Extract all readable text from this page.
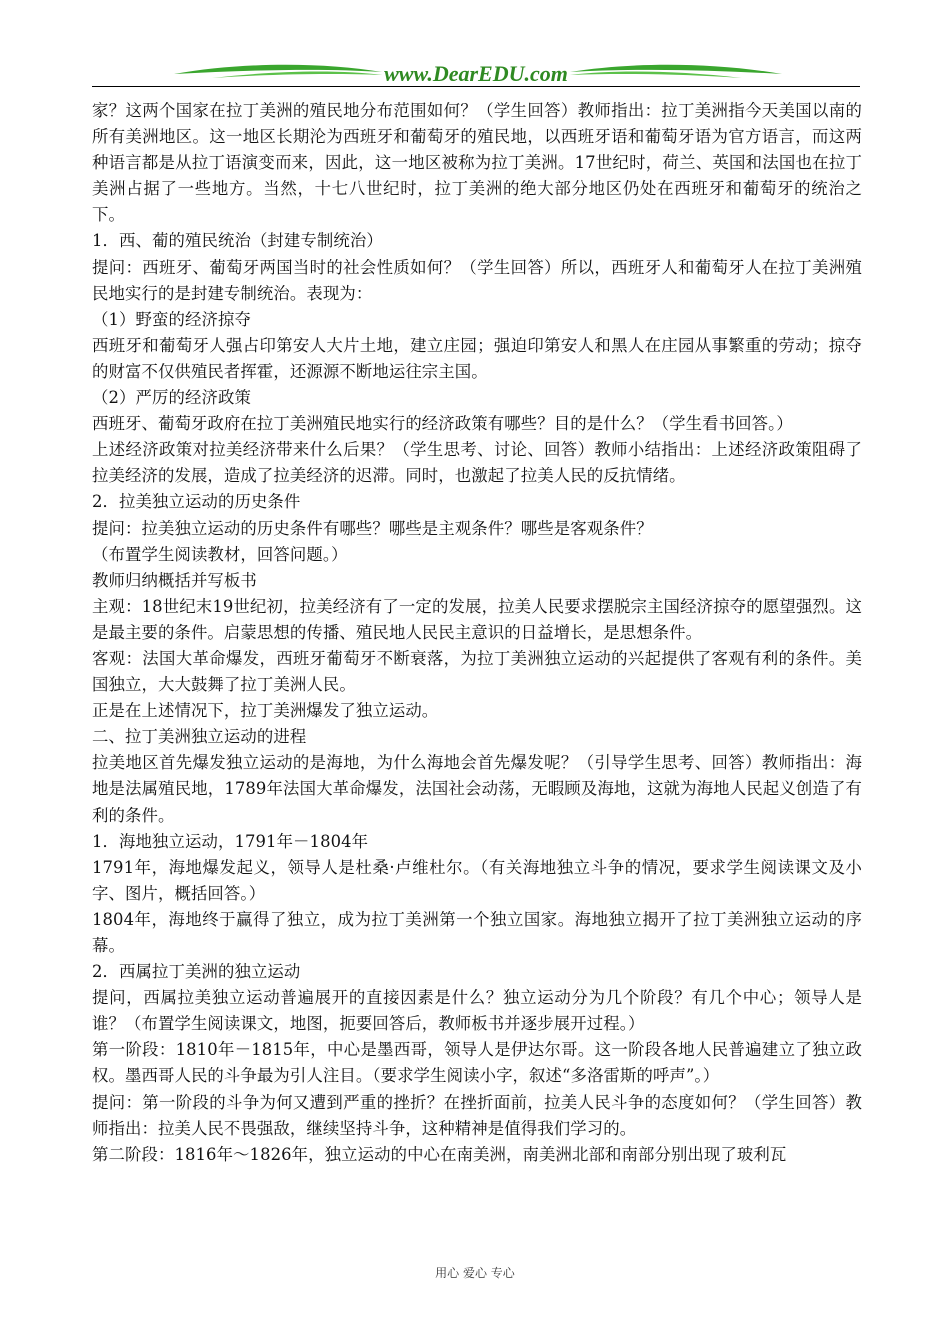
www.DearEDU.com

家？这两个国家在拉丁美洲的殖民地分布范围如何？（学生回答）教师指出：拉丁美洲指今天美国以南的所有美洲地区。这一地区长期沦为西班牙和葡萄牙的殖民地，以西班牙语和葡萄牙语为官方语言，而这两种语言都是从拉丁语演变而来，因此，这一地区被称为拉丁美洲。17世纪时，荷兰、英国和法国也在拉丁美洲占据了一些地方。当然，十七八世纪时，拉丁美洲的绝大部分地区仍处在西班牙和葡萄牙的统治之下。

1．西、葡的殖民统治（封建专制统治）

提问：西班牙、葡萄牙两国当时的社会性质如何？（学生回答）所以，西班牙人和葡萄牙人在拉丁美洲殖民地实行的是封建专制统治。表现为：

（1）野蛮的经济掠夺

西班牙和葡萄牙人强占印第安人大片土地，建立庄园；强迫印第安人和黑人在庄园从事繁重的劳动；掠夺的财富不仅供殖民者挥霍，还源源不断地运往宗主国。

（2）严厉的经济政策

西班牙、葡萄牙政府在拉丁美洲殖民地实行的经济政策有哪些？目的是什么？（学生看书回答。）

上述经济政策对拉美经济带来什么后果？（学生思考、讨论、回答）教师小结指出：上述经济政策阻碍了拉美经济的发展，造成了拉美经济的迟滞。同时，也激起了拉美人民的反抗情绪。

2．拉美独立运动的历史条件

提问：拉美独立运动的历史条件有哪些？哪些是主观条件？哪些是客观条件？

（布置学生阅读教材，回答问题。）

教师归纳概括并写板书

主观：18世纪末19世纪初，拉美经济有了一定的发展，拉美人民要求摆脱宗主国经济掠夺的愿望强烈。这是最主要的条件。启蒙思想的传播、殖民地人民民主意识的日益增长，是思想条件。

客观：法国大革命爆发，西班牙葡萄牙不断衰落，为拉丁美洲独立运动的兴起提供了客观有利的条件。美国独立，大大鼓舞了拉丁美洲人民。

正是在上述情况下，拉丁美洲爆发了独立运动。

二、拉丁美洲独立运动的进程

拉美地区首先爆发独立运动的是海地，为什么海地会首先爆发呢？（引导学生思考、回答）教师指出：海地是法属殖民地，1789年法国大革命爆发，法国社会动荡，无暇顾及海地，这就为海地人民起义创造了有利的条件。

1．海地独立运动，1791年－1804年

1791年，海地爆发起义，领导人是杜桑·卢维杜尔。（有关海地独立斗争的情况，要求学生阅读课文及小字、图片，概括回答。）

1804年，海地终于赢得了独立，成为拉丁美洲第一个独立国家。海地独立揭开了拉丁美洲独立运动的序幕。

2．西属拉丁美洲的独立运动

提问，西属拉美独立运动普遍展开的直接因素是什么？独立运动分为几个阶段？有几个中心；领导人是谁？（布置学生阅读课文，地图，扼要回答后，教师板书并逐步展开过程。）

第一阶段：1810年－1815年，中心是墨西哥，领导人是伊达尔哥。这一阶段各地人民普遍建立了独立政权。墨西哥人民的斗争最为引人注目。（要求学生阅读小字，叙述“多洛雷斯的呼声”。）

提问：第一阶段的斗争为何又遭到严重的挫折？在挫折面前，拉美人民斗争的态度如何？（学生回答）教师指出：拉美人民不畏强敌，继续坚持斗争，这种精神是值得我们学习的。

第二阶段：1816年～1826年，独立运动的中心在南美洲，南美洲北部和南部分别出现了玻利瓦

用心 爱心 专心
